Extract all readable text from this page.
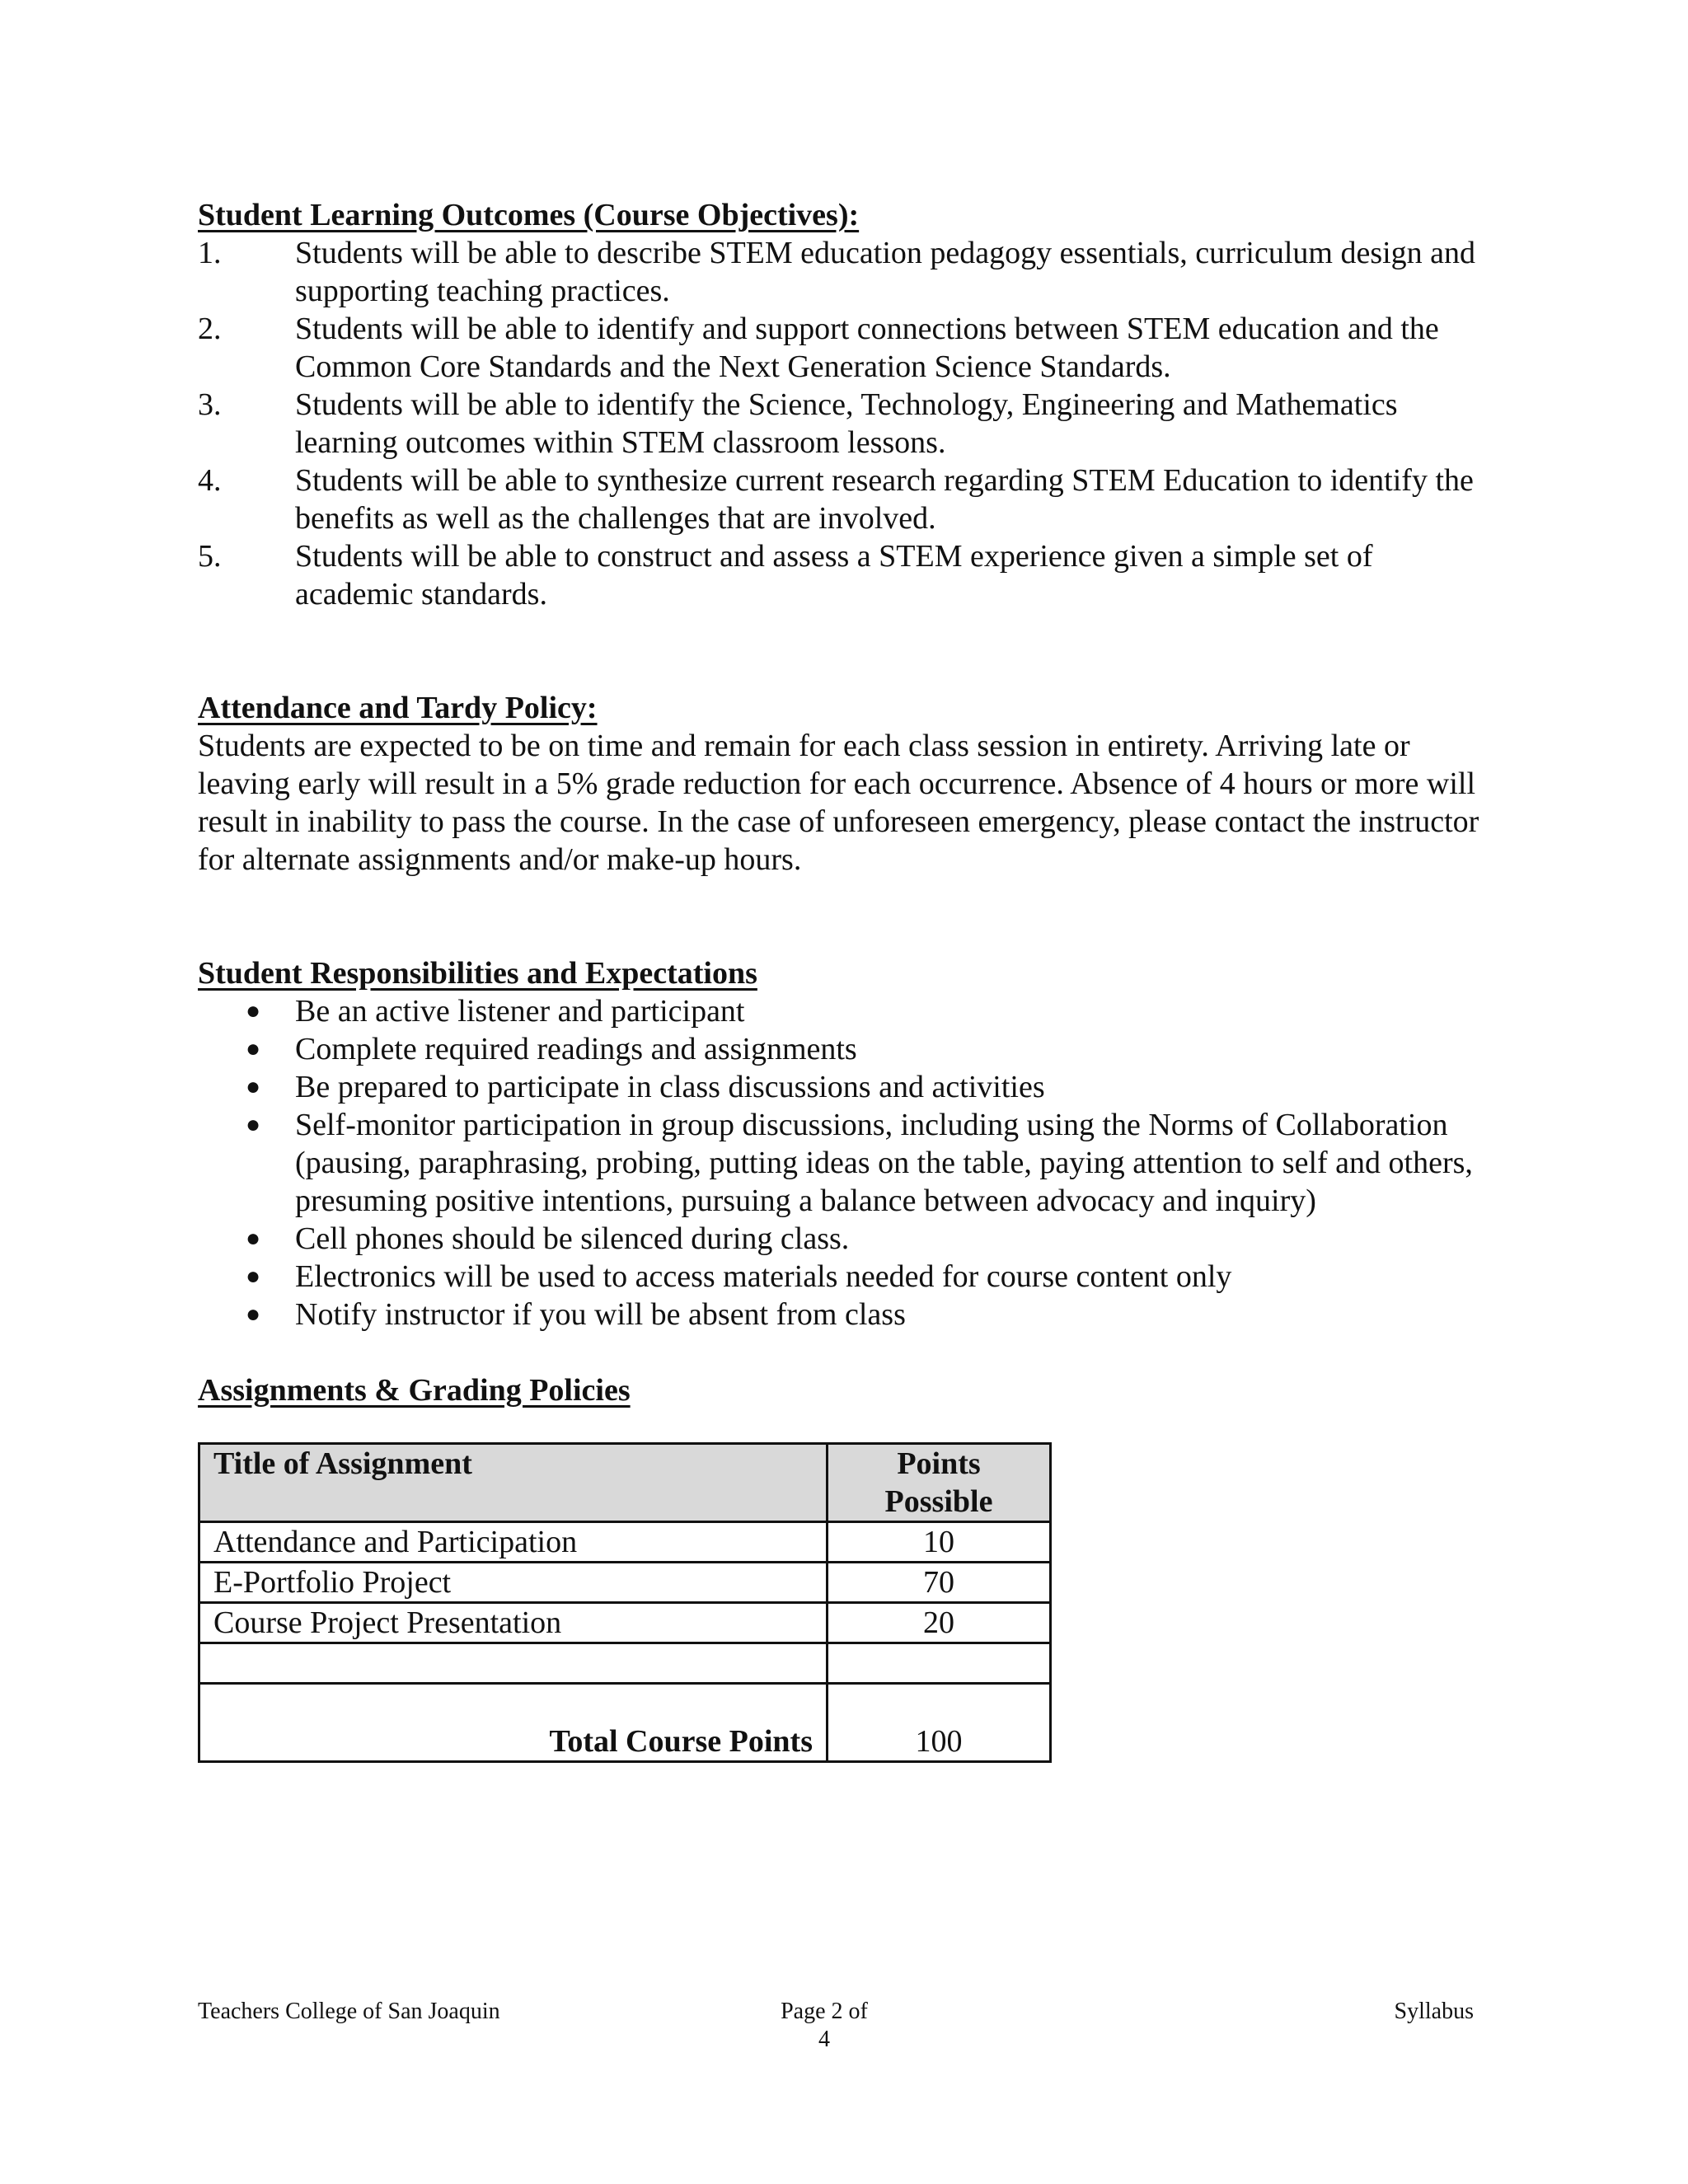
Student Learning Outcomes (Course Objectives):
1. Students will be able to describe STEM education pedagogy essentials, curriculum design and supporting teaching practices.
2. Students will be able to identify and support connections between STEM education and the Common Core Standards and the Next Generation Science Standards.
3. Students will be able to identify the Science, Technology, Engineering and Mathematics learning outcomes within STEM classroom lessons.
4. Students will be able to synthesize current research regarding STEM Education to identify the benefits as well as the challenges that are involved.
5. Students will be able to construct and assess a STEM experience given a simple set of academic standards.
Attendance and Tardy Policy:

Students are expected to be on time and remain for each class session in entirety. Arriving late or leaving early will result in a 5% grade reduction for each occurrence. Absence of 4 hours or more will result in inability to pass the course. In the case of unforeseen emergency, please contact the instructor for alternate assignments and/or make-up hours.

Student Responsibilities and Expectations
● Be an active listener and participant
● Complete required readings and assignments
● Be prepared to participate in class discussions and activities
● Self-monitor participation in group discussions, including using the Norms of Collaboration (pausing, paraphrasing, probing, putting ideas on the table, paying attention to self and others, presuming positive intentions, pursuing a balance between advocacy and inquiry)
● Cell phones should be silenced during class.
● Electronics will be used to access materials needed for course content only
● Notify instructor if you will be absent from class
Assignments & Grading Policies
Title of Assignment	Points
Possible
Attendance and Participation	10
E-Portfolio Project	70
Course Project Presentation	20

Total Course Points	100
Teachers College of San Joaquin	Page 2 of 4
Syllabus
